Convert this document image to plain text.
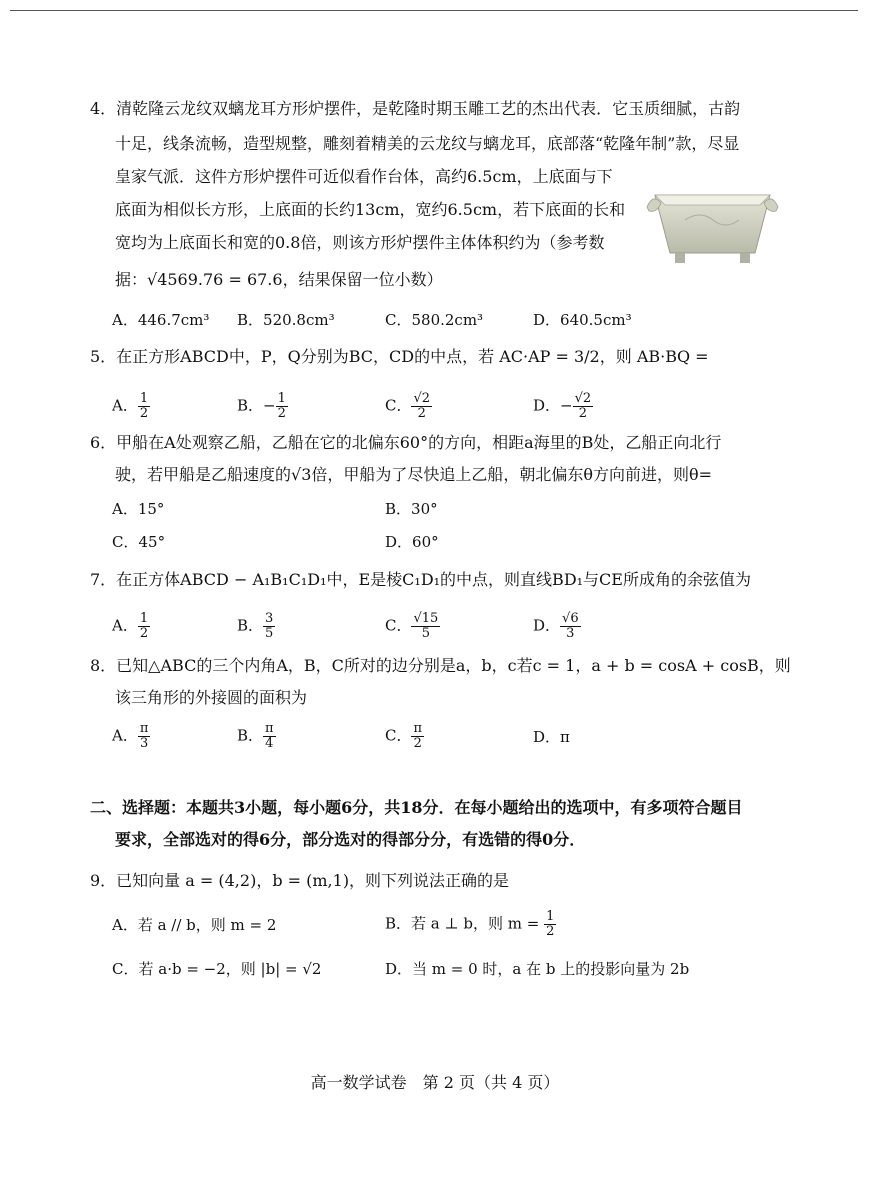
4．清乾隆云龙纹双螭龙耳方形炉摆件，是乾隆时期玉雕工艺的杰出代表．它玉质细腻，古韵
十足，线条流畅，造型规整，雕刻着精美的云龙纹与螭龙耳，底部落“乾隆年制”款，尽显
皇家气派．这件方形炉摆件可近似看作台体，高约6.5cm，上底面与下
底面为相似长方形，上底面的长约13cm，宽约6.5cm，若下底面的长和
宽均为上底面长和宽的0.8倍，则该方形炉摆件主体体积约为（参考数
据：√4569.76 = 67.6，结果保留一位小数）
A．446.7cm³ B．520.8cm³	C．580.2cm³	D．640.5cm³
5．在正方形ABCD中，P，Q分别为BC，CD的中点，若 AC·AP = 3/2，则 AB·BQ =
A． $\frac{1}{2}$	B．− $\frac{1}{2}$	C． $\frac{√2}{2}$	D．− $\frac{√2}{2}$
6．甲船在A处观察乙船，乙船在它的北偏东60°的方向，相距a海里的B处，乙船正向北行
驶，若甲船是乙船速度的√3倍，甲船为了尽快追上乙船，朝北偏东θ方向前进，则θ=
A．15°	B．30°
C．45°	D．60°
7．在正方体ABCD − A₁B₁C₁D₁中，E是棱C₁D₁的中点，则直线BD₁与CE所成角的余弦值为
A． $\frac{1}{2}$	B． $\frac{3}{5}$	C． $\frac{√15}{5}$	D． $\frac{√6}{3}$
8．已知△ABC的三个内角A，B，C所对的边分别是a，b，c若c = 1，a + b = cosA + cosB，则
该三角形的外接圆的面积为
A． $\frac{\pi}{3}$	B． $\frac{\pi}{4}$	C． $\frac{\pi}{2}$	D．π
二、选择题：本题共3小题，每小题6分，共18分．在每小题给出的选项中，有多项符合题目
要求，全部选对的得6分，部分选对的得部分分，有选错的得0分．
9．已知向量 a = (4,2)，b = (m,1)，则下列说法正确的是
A．若 a // b，则 m = 2	B．若 a ⊥ b，则 $m = \frac{1}{2}$
C．若 a·b = −2，则 |b| = √2	D．当 m = 0 时，a 在 b 上的投影向量为 2b
高一数学试卷　第 2 页（共 4 页）
